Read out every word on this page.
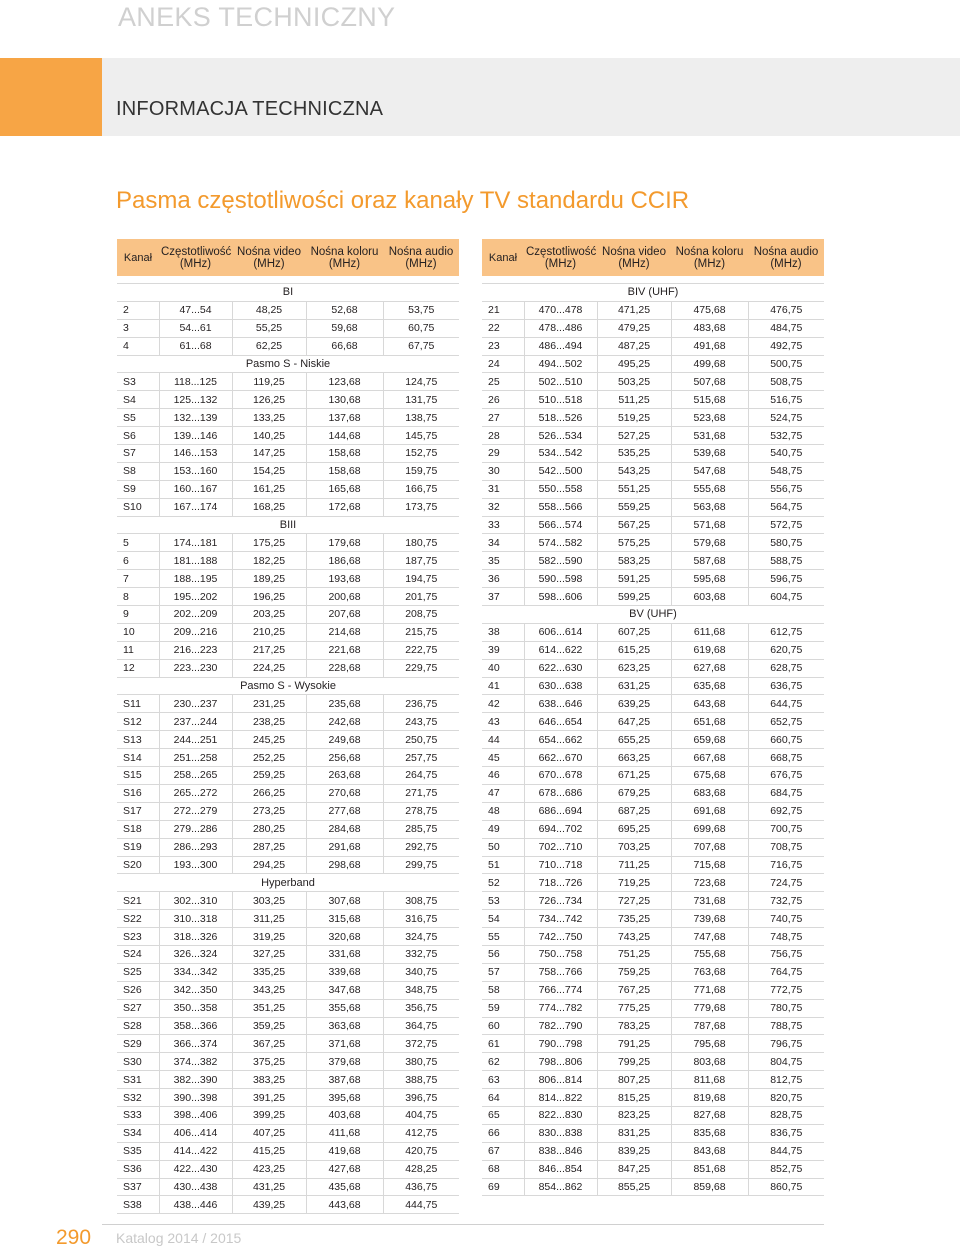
ANEKS TECHNICZNY
INFORMACJA TECHNICZNA
Pasma częstotliwości oraz kanały TV standardu CCIR
Kanał	Częstotliwość (MHz)	Nośna video (MHz)	Nośna koloru (MHz)	Nośna audio (MHz)

BI				
2	47...54	48,25	52,68	53,75
3	54...61	55,25	59,68	60,75
4	61...68	62,25	66,68	67,75
Pasmo S - Niskie				
S3	118...125	119,25	123,68	124,75
S4	125...132	126,25	130,68	131,75
S5	132...139	133,25	137,68	138,75
S6	139...146	140,25	144,68	145,75
S7	146...153	147,25	158,68	152,75
S8	153...160	154,25	158,68	159,75
S9	160...167	161,25	165,68	166,75
S10	167...174	168,25	172,68	173,75
BIII				
5	174...181	175,25	179,68	180,75
6	181...188	182,25	186,68	187,75
7	188...195	189,25	193,68	194,75
8	195...202	196,25	200,68	201,75
9	202...209	203,25	207,68	208,75
10	209...216	210,25	214,68	215,75
11	216...223	217,25	221,68	222,75
12	223...230	224,25	228,68	229,75
Pasmo S - Wysokie				
S11	230...237	231,25	235,68	236,75
S12	237...244	238,25	242,68	243,75
S13	244...251	245,25	249,68	250,75
S14	251...258	252,25	256,68	257,75
S15	258...265	259,25	263,68	264,75
S16	265...272	266,25	270,68	271,75
S17	272...279	273,25	277,68	278,75
S18	279...286	280,25	284,68	285,75
S19	286...293	287,25	291,68	292,75
S20	193...300	294,25	298,68	299,75
Hyperband				
S21	302...310	303,25	307,68	308,75
S22	310...318	311,25	315,68	316,75
S23	318...326	319,25	320,68	324,75
S24	326...324	327,25	331,68	332,75
S25	334...342	335,25	339,68	340,75
S26	342...350	343,25	347,68	348,75
S27	350...358	351,25	355,68	356,75
S28	358...366	359,25	363,68	364,75
S29	366...374	367,25	371,68	372,75
S30	374...382	375,25	379,68	380,75
S31	382...390	383,25	387,68	388,75
S32	390...398	391,25	395,68	396,75
S33	398...406	399,25	403,68	404,75
S34	406...414	407,25	411,68	412,75
S35	414...422	415,25	419,68	420,75
S36	422...430	423,25	427,68	428,25
S37	430...438	431,25	435,68	436,75
S38	438...446	439,25	443,68	444,75
Kanał	Częstotliwość (MHz)	Nośna video (MHz)	Nośna koloru (MHz)	Nośna audio (MHz)

BIV (UHF)				
21	470...478	471,25	475,68	476,75
22	478...486	479,25	483,68	484,75
23	486...494	487,25	491,68	492,75
24	494...502	495,25	499,68	500,75
25	502...510	503,25	507,68	508,75
26	510...518	511,25	515,68	516,75
27	518...526	519,25	523,68	524,75
28	526...534	527,25	531,68	532,75
29	534...542	535,25	539,68	540,75
30	542...500	543,25	547,68	548,75
31	550...558	551,25	555,68	556,75
32	558...566	559,25	563,68	564,75
33	566...574	567,25	571,68	572,75
34	574...582	575,25	579,68	580,75
35	582...590	583,25	587,68	588,75
36	590...598	591,25	595,68	596,75
37	598...606	599,25	603,68	604,75
BV (UHF)				
38	606...614	607,25	611,68	612,75
39	614...622	615,25	619,68	620,75
40	622...630	623,25	627,68	628,75
41	630...638	631,25	635,68	636,75
42	638...646	639,25	643,68	644,75
43	646...654	647,25	651,68	652,75
44	654...662	655,25	659,68	660,75
45	662...670	663,25	667,68	668,75
46	670...678	671,25	675,68	676,75
47	678...686	679,25	683,68	684,75
48	686...694	687,25	691,68	692,75
49	694...702	695,25	699,68	700,75
50	702...710	703,25	707,68	708,75
51	710...718	711,25	715,68	716,75
52	718...726	719,25	723,68	724,75
53	726...734	727,25	731,68	732,75
54	734...742	735,25	739,68	740,75
55	742...750	743,25	747,68	748,75
56	750...758	751,25	755,68	756,75
57	758...766	759,25	763,68	764,75
58	766...774	767,25	771,68	772,75
59	774...782	775,25	779,68	780,75
60	782...790	783,25	787,68	788,75
61	790...798	791,25	795,68	796,75
62	798...806	799,25	803,68	804,75
63	806...814	807,25	811,68	812,75
64	814...822	815,25	819,68	820,75
65	822...830	823,25	827,68	828,75
66	830...838	831,25	835,68	836,75
67	838...846	839,25	843,68	844,75
68	846...854	847,25	851,68	852,75
69	854...862	855,25	859,68	860,75
290 Katalog 2014 / 2015
